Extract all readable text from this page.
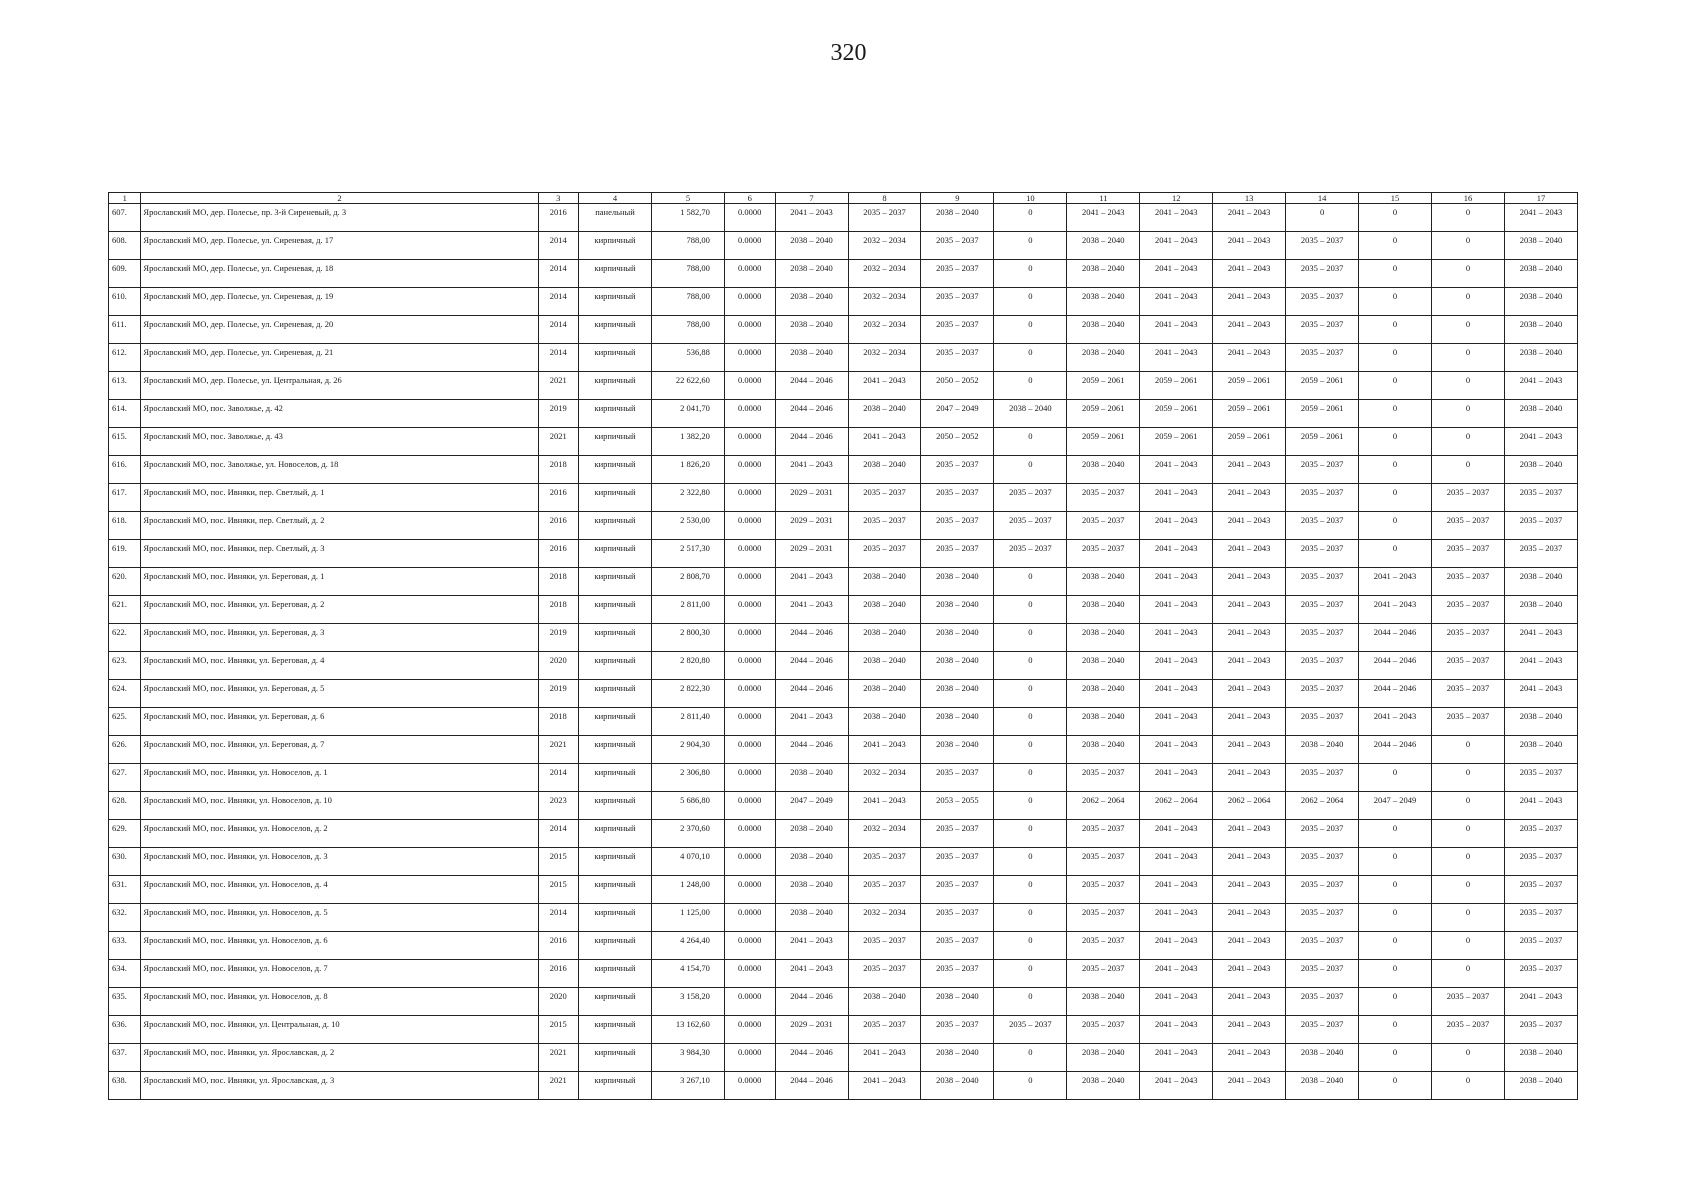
320
1	2	3	4	5	6	7	8	9	10	11	12	13	14	15	16	17
607.	Ярославский МО, дер. Полесье, пр. 3-й Сиреневый, д. 3	2016	панельный	1 582,70	0.0000	2041 – 2043	2035 – 2037	2038 – 2040	0	2041 – 2043	2041 – 2043	2041 – 2043	0	0	0	2041 – 2043
608.	Ярославский МО, дер. Полесье, ул. Сиреневая, д. 17	2014	кирпичный	788,00	0.0000	2038 – 2040	2032 – 2034	2035 – 2037	0	2038 – 2040	2041 – 2043	2041 – 2043	2035 – 2037	0	0	2038 – 2040
609.	Ярославский МО, дер. Полесье, ул. Сиреневая, д. 18	2014	кирпичный	788,00	0.0000	2038 – 2040	2032 – 2034	2035 – 2037	0	2038 – 2040	2041 – 2043	2041 – 2043	2035 – 2037	0	0	2038 – 2040
610.	Ярославский МО, дер. Полесье, ул. Сиреневая, д. 19	2014	кирпичный	788,00	0.0000	2038 – 2040	2032 – 2034	2035 – 2037	0	2038 – 2040	2041 – 2043	2041 – 2043	2035 – 2037	0	0	2038 – 2040
611.	Ярославский МО, дер. Полесье, ул. Сиреневая, д. 20	2014	кирпичный	788,00	0.0000	2038 – 2040	2032 – 2034	2035 – 2037	0	2038 – 2040	2041 – 2043	2041 – 2043	2035 – 2037	0	0	2038 – 2040
612.	Ярославский МО, дер. Полесье, ул. Сиреневая, д. 21	2014	кирпичный	536,88	0.0000	2038 – 2040	2032 – 2034	2035 – 2037	0	2038 – 2040	2041 – 2043	2041 – 2043	2035 – 2037	0	0	2038 – 2040
613.	Ярославский МО, дер. Полесье, ул. Центральная, д. 26	2021	кирпичный	22 622,60	0.0000	2044 – 2046	2041 – 2043	2050 – 2052	0	2059 – 2061	2059 – 2061	2059 – 2061	2059 – 2061	0	0	2041 – 2043
614.	Ярославский МО, пос. Заволжье, д. 42	2019	кирпичный	2 041,70	0.0000	2044 – 2046	2038 – 2040	2047 – 2049	2038 – 2040	2059 – 2061	2059 – 2061	2059 – 2061	2059 – 2061	0	0	2038 – 2040
615.	Ярославский МО, пос. Заволжье, д. 43	2021	кирпичный	1 382,20	0.0000	2044 – 2046	2041 – 2043	2050 – 2052	0	2059 – 2061	2059 – 2061	2059 – 2061	2059 – 2061	0	0	2041 – 2043
616.	Ярославский МО, пос. Заволжье, ул. Новоселов, д. 18	2018	кирпичный	1 826,20	0.0000	2041 – 2043	2038 – 2040	2035 – 2037	0	2038 – 2040	2041 – 2043	2041 – 2043	2035 – 2037	0	0	2038 – 2040
617.	Ярославский МО, пос. Ивняки, пер. Светлый, д. 1	2016	кирпичный	2 322,80	0.0000	2029 – 2031	2035 – 2037	2035 – 2037	2035 – 2037	2035 – 2037	2041 – 2043	2041 – 2043	2035 – 2037	0	2035 – 2037	2035 – 2037
618.	Ярославский МО, пос. Ивняки, пер. Светлый, д. 2	2016	кирпичный	2 530,00	0.0000	2029 – 2031	2035 – 2037	2035 – 2037	2035 – 2037	2035 – 2037	2041 – 2043	2041 – 2043	2035 – 2037	0	2035 – 2037	2035 – 2037
619.	Ярославский МО, пос. Ивняки, пер. Светлый, д. 3	2016	кирпичный	2 517,30	0.0000	2029 – 2031	2035 – 2037	2035 – 2037	2035 – 2037	2035 – 2037	2041 – 2043	2041 – 2043	2035 – 2037	0	2035 – 2037	2035 – 2037
620.	Ярославский МО, пос. Ивняки, ул. Береговая, д. 1	2018	кирпичный	2 808,70	0.0000	2041 – 2043	2038 – 2040	2038 – 2040	0	2038 – 2040	2041 – 2043	2041 – 2043	2035 – 2037	2041 – 2043	2035 – 2037	2038 – 2040
621.	Ярославский МО, пос. Ивняки, ул. Береговая, д. 2	2018	кирпичный	2 811,00	0.0000	2041 – 2043	2038 – 2040	2038 – 2040	0	2038 – 2040	2041 – 2043	2041 – 2043	2035 – 2037	2041 – 2043	2035 – 2037	2038 – 2040
622.	Ярославский МО, пос. Ивняки, ул. Береговая, д. 3	2019	кирпичный	2 800,30	0.0000	2044 – 2046	2038 – 2040	2038 – 2040	0	2038 – 2040	2041 – 2043	2041 – 2043	2035 – 2037	2044 – 2046	2035 – 2037	2041 – 2043
623.	Ярославский МО, пос. Ивняки, ул. Береговая, д. 4	2020	кирпичный	2 820,80	0.0000	2044 – 2046	2038 – 2040	2038 – 2040	0	2038 – 2040	2041 – 2043	2041 – 2043	2035 – 2037	2044 – 2046	2035 – 2037	2041 – 2043
624.	Ярославский МО, пос. Ивняки, ул. Береговая, д. 5	2019	кирпичный	2 822,30	0.0000	2044 – 2046	2038 – 2040	2038 – 2040	0	2038 – 2040	2041 – 2043	2041 – 2043	2035 – 2037	2044 – 2046	2035 – 2037	2041 – 2043
625.	Ярославский МО, пос. Ивняки, ул. Береговая, д. 6	2018	кирпичный	2 811,40	0.0000	2041 – 2043	2038 – 2040	2038 – 2040	0	2038 – 2040	2041 – 2043	2041 – 2043	2035 – 2037	2041 – 2043	2035 – 2037	2038 – 2040
626.	Ярославский МО, пос. Ивняки, ул. Береговая, д. 7	2021	кирпичный	2 904,30	0.0000	2044 – 2046	2041 – 2043	2038 – 2040	0	2038 – 2040	2041 – 2043	2041 – 2043	2038 – 2040	2044 – 2046	0	2038 – 2040
627.	Ярославский МО, пос. Ивняки, ул. Новоселов, д. 1	2014	кирпичный	2 306,80	0.0000	2038 – 2040	2032 – 2034	2035 – 2037	0	2035 – 2037	2041 – 2043	2041 – 2043	2035 – 2037	0	0	2035 – 2037
628.	Ярославский МО, пос. Ивняки, ул. Новоселов, д. 10	2023	кирпичный	5 686,80	0.0000	2047 – 2049	2041 – 2043	2053 – 2055	0	2062 – 2064	2062 – 2064	2062 – 2064	2062 – 2064	2047 – 2049	0	2041 – 2043
629.	Ярославский МО, пос. Ивняки, ул. Новоселов, д. 2	2014	кирпичный	2 370,60	0.0000	2038 – 2040	2032 – 2034	2035 – 2037	0	2035 – 2037	2041 – 2043	2041 – 2043	2035 – 2037	0	0	2035 – 2037
630.	Ярославский МО, пос. Ивняки, ул. Новоселов, д. 3	2015	кирпичный	4 070,10	0.0000	2038 – 2040	2035 – 2037	2035 – 2037	0	2035 – 2037	2041 – 2043	2041 – 2043	2035 – 2037	0	0	2035 – 2037
631.	Ярославский МО, пос. Ивняки, ул. Новоселов, д. 4	2015	кирпичный	1 248,00	0.0000	2038 – 2040	2035 – 2037	2035 – 2037	0	2035 – 2037	2041 – 2043	2041 – 2043	2035 – 2037	0	0	2035 – 2037
632.	Ярославский МО, пос. Ивняки, ул. Новоселов, д. 5	2014	кирпичный	1 125,00	0.0000	2038 – 2040	2032 – 2034	2035 – 2037	0	2035 – 2037	2041 – 2043	2041 – 2043	2035 – 2037	0	0	2035 – 2037
633.	Ярославский МО, пос. Ивняки, ул. Новоселов, д. 6	2016	кирпичный	4 264,40	0.0000	2041 – 2043	2035 – 2037	2035 – 2037	0	2035 – 2037	2041 – 2043	2041 – 2043	2035 – 2037	0	0	2035 – 2037
634.	Ярославский МО, пос. Ивняки, ул. Новоселов, д. 7	2016	кирпичный	4 154,70	0.0000	2041 – 2043	2035 – 2037	2035 – 2037	0	2035 – 2037	2041 – 2043	2041 – 2043	2035 – 2037	0	0	2035 – 2037
635.	Ярославский МО, пос. Ивняки, ул. Новоселов, д. 8	2020	кирпичный	3 158,20	0.0000	2044 – 2046	2038 – 2040	2038 – 2040	0	2038 – 2040	2041 – 2043	2041 – 2043	2035 – 2037	0	2035 – 2037	2041 – 2043
636.	Ярославский МО, пос. Ивняки, ул. Центральная, д. 10	2015	кирпичный	13 162,60	0.0000	2029 – 2031	2035 – 2037	2035 – 2037	2035 – 2037	2035 – 2037	2041 – 2043	2041 – 2043	2035 – 2037	0	2035 – 2037	2035 – 2037
637.	Ярославский МО, пос. Ивняки, ул. Ярославская, д. 2	2021	кирпичный	3 984,30	0.0000	2044 – 2046	2041 – 2043	2038 – 2040	0	2038 – 2040	2041 – 2043	2041 – 2043	2038 – 2040	0	0	2038 – 2040
638.	Ярославский МО, пос. Ивняки, ул. Ярославская, д. 3	2021	кирпичный	3 267,10	0.0000	2044 – 2046	2041 – 2043	2038 – 2040	0	2038 – 2040	2041 – 2043	2041 – 2043	2038 – 2040	0	0	2038 – 2040
